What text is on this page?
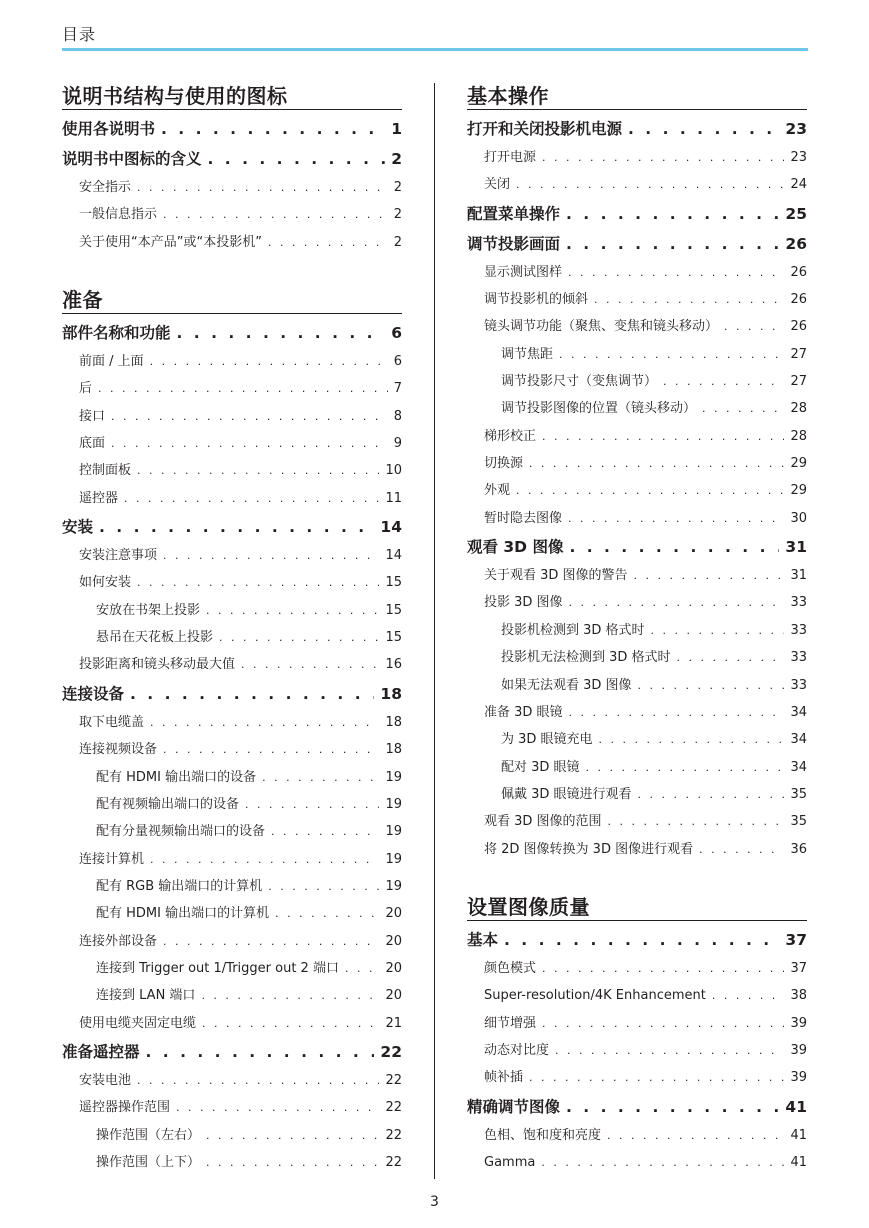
目录
说明书结构与使用的图标
使用各说明书 . . .	1
说明书中图标的含义 . . .	2
安全指示 . . .	2
一般信息指示 . . .	2
关于使用“本产品”或“本投影机” . . .	2
准备
部件名称和功能 . . .	6
前面 / 上面 . . .	6
后 . . .	7
接口 . . .	8
底面 . . .	9
控制面板 . . .	10
遥控器 . . .	11
安装 . . .	14
安装注意事项 . . .	14
如何安装 . . .	15
安放在书架上投影 . . .	15
悬吊在天花板上投影 . . .	15
投影距离和镜头移动最大值 . . .	16
连接设备 . . .	18
取下电缆盖 . . .	18
连接视频设备 . . .	18
配有 HDMI 输出端口的设备 . . .	19
配有视频输出端口的设备 . . .	19
配有分量视频输出端口的设备 . . .	19
连接计算机 . . .	19
配有 RGB 输出端口的计算机 . . .	19
配有 HDMI 输出端口的计算机 . . .	20
连接外部设备 . . .	20
连接到 Trigger out 1/Trigger out 2 端口 . . .	20
连接到 LAN 端口 . . .	20
使用电缆夹固定电缆 . . .	21
准备遥控器 . . .	22
安装电池 . . .	22
遥控器操作范围 . . .	22
操作范围（左右） . . .	22
操作范围（上下） . . .	22
基本操作
打开和关闭投影机电源 . . .	23
打开电源 . . .	23
关闭 . . .	24
配置菜单操作 . . .	25
调节投影画面 . . .	26
显示测试图样 . . .	26
调节投影机的倾斜 . . .	26
镜头调节功能（聚焦、变焦和镜头移动） . . .	26
调节焦距 . . .	27
调节投影尺寸（变焦调节） . . .	27
调节投影图像的位置（镜头移动） . . .	28
梯形校正 . . .	28
切换源 . . .	29
外观 . . .	29
暂时隐去图像 . . .	30
观看 3D 图像 . . .	31
关于观看 3D 图像的警告 . . .	31
投影 3D 图像 . . .	33
投影机检测到 3D 格式时 . . .	33
投影机无法检测到 3D 格式时 . . .	33
如果无法观看 3D 图像 . . .	33
准备 3D 眼镜 . . .	34
为 3D 眼镜充电 . . .	34
配对 3D 眼镜 . . .	34
佩戴 3D 眼镜进行观看 . . .	35
观看 3D 图像的范围 . . .	35
将 2D 图像转换为 3D 图像进行观看 . . .	36
设置图像质量
基本 . . .	37
颜色模式 . . .	37
Super-resolution/4K Enhancement . . .	38
细节增强 . . .	39
动态对比度 . . .	39
帧补插 . . .	39
精确调节图像 . . .	41
色相、饱和度和亮度 . . .	41
Gamma . . .	41
3
